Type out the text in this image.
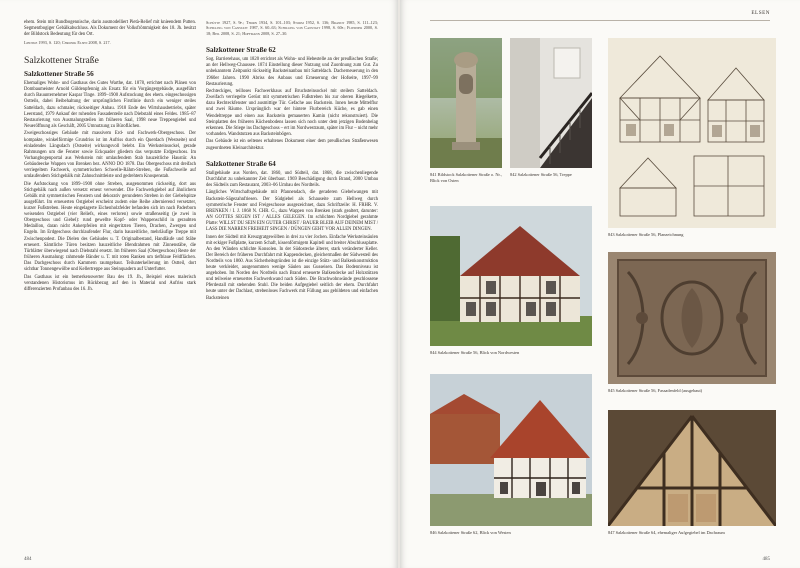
ehem. Stein mit Rundbogennische, darin ausmodelliert Pietà-Relief mit knieendem Putten. Segmentbogiger Gebälkabschluss. Als Dokument der Volksfrömmigkeit des 18. Jh. besitzt der Bildstock Bedeutung für den Ort.

Liedtke 1993, S. 120; Chronik Elsen 2008, S. 217.

Salzkottener Straße
Salzkottener Straße 56

Ehemaliges Wohn- und Gasthaus des Gutes Warthe, dat. 1878, errichtet nach Plänen von Dombaumeister Arnold Güldenpfennig als Ersatz für ein Vorgängergebäude, ausgeführt durch Bauunternehmer Kaspar Tinge. 1899–1900 Aufstockung des ehem. eingeschossigen Ostteils, dabei Beibehaltung der ursprünglichen Firstlinie durch ein weniger steiles Satteldach, dazu schmaler, rückseitiger Anbau. 1918 Ende des Wirtshausbetriebs, später Leerstand, 1979 Ankauf der ruhenden Fassadenteile nach Diebstahl eines Feldes. 1985–87 Restaurierung von Ausmalungsteilen im früheren Saal, 1998 neue Treppengiebel und Neueröffnung als Geschäft, 2005 Umnutzung zu Büroflächen.

Zweigeschossiges Gebäude mit massivem Erd- und Fachwerk-Obergeschoss. Der kompakte, winkelförmige Grundriss ist im Aufriss durch ein Querdach (Westseite) und einladendes Längsdach (Ostseite) wirkungsvoll belebt. Ein Werksteinsockel, gerade Rahmungen um die Fenster sowie Eckquader gliedern das verputzte Erdgeschoss. Im Vorhangbogenportal aus Werkstein mit umlaufendem Stab bauzeitliche Haustür. An Gebäudeecke Wappen von Brenken bez. ANNO DO 1878. Das Obergeschoss mit dreifach verriegeltem Fachwerk, symmetrischen Schwelle-Rähm-Streben, die Fußschwelle auf umlaufendem Stichgebälk mit Zahnschnittleiste und gedrehtem Knospenstab.

Die Aufstockung von 1899–1900 ohne Streben, ausgenommen rückseitig, dort aus Stichgebälk nach außen versetzt erneut verwendet. Die Fachwerkgiebel auf ähnlichem Gebälk mit symmetrischen Fenstern und dekorativ gerundeten Streben in der Giebelspitze ausgeführt. Im erneuerten Ostgiebel erscheint zudem eine Reihe alternierend versetzter, kurzer Fußstreben. Heute eingelagerte Eichenholzfelder befanden sich im nach Paderborn weisenden Ostgiebel (vier Reliefs, eines verloren) sowie straßenseitig (je zwei in Obergeschoss und Giebel): rund gewellte Kopf- oder Wappenschild in geraubten Medaillon, daran nicht Ankerpfeilen mit eingeritzten Tieren, Drachen, Zwergen und Engeln. Im Erdgeschoss durchlaufender Flur, darin bauzeitliche, mehrläufige Treppe mit Zwischenpodest. Die Dielen des Gebäudes u. T. Originalbestand, Handläufe und Stäbe erneuert. Sämtliche Türen besitzen bauzeitliche Blendrahmen mit Zinnenstäbe, die Türblätter überwiegend nach Diebstahl ersetzt. Im früheren Saal (Obergeschoss) Reste der früheren Ausmalung: rahmende Bänder u. T. mit roten Ranken um tiefblaue Feldflächen. Das Dachgeschoss durch Kammern raumgebaut. Teilunterkellerung im Ostteil, dort sichtbar Tonnengewölbe und Kellertreppe aus Steinquadern auf Unterfutter.

Das Gasthaus ist ein bemerkenswerter Bau des 19. Jh., Beispiel eines malerisch verstandenen Historismus im Rückbezug auf den in Material und Aufriss stark differenzierten Profanbau des 16. Jh.

Schütte 1927, S. 9f.; Thorn 1934, S. 101–103; Storm 1952, S. 136; Brandt 1985, S. 111–123; Schilling von Canstatt 1987, S. 60–63; Schilling von Canstatt 1998, S. 60f.; Fliedner 2000, S. 18; Beil 2008, S. 21; Hoffmann 2008, S. 27–30.

Salzkottener Straße 62

Sog. Barrierehaus, um 1820 errichtet als Wohn- und Hebestelle an der preußischen Straße; an der Hellweg-Chaussee. 1874 Einstellung dieser Nutzung und Zuordnung zum Gut. Zu unbekanntem Zeitpunkt rückseitig Backsteinanbau mit Satteldach. Dacherneuerung in den 1960er Jahren. 1990 Abriss des Anbaus und Erneuerung der Hofseite, 1997–99 Restaurierung.

Rechteckiges, teilloses Fachwerkhaus auf Bruchsteinsockel mit steilem Satteldach. Zweifach verriegelte Gerüst mit symmetrischen Fußstreben bis zur oberen Riegelkette, dazu Rechteckfenster und ausmittige Tür. Gefache aus Backstein. Innen heute Mittelflur und zwei Räume. Ursprünglich war der hintere Flurbereich Küche, es gab einen Wendeltreppe und einen aus Backstein gemauerten Kamin (nicht rekonstruiert). Die Steinplatten des früheren Küchenbodens lassen sich noch unter dem jetzigen Bodenbelag erkennen. Die Stiege ins Dachgeschoss – ert im Nordwestraum, später im Flur – nicht mehr vorhanden. Wandstutzen aus Backsteinbögen.

Das Gebäude ist ein seltenes erhaltenes Dokument einer dem preußischen Straßenwesen zugeordneten Kleinarchitektur.

Salzkottener Straße 64

Stallgebäude aus Norden, dat. 1860, und Südteil, dat. 1868, die zwischenliegende Durchfahrt zu unbekannter Zeit überbaut. 1969 Beschädigung durch Brand, 2000 Umbau des Südteils zum Restaurant, 2003–06 Umbau des Nordteils.

Längliches Wirtschaftsgebäude mit Pfannendach, die geraderen Giebelwangen mit Backstein-Sägezahnfriesen. Der Südgiebel als Schauseite zum Hellweg durch symmetrische Fenster und Freigeschosse ausgezeichnet, dazu Schriftzeile: H. FRHR. V. BRENKEN / I. J. 1868 N. CHR. G., dazu Wappen von Brenken (stark gealtert, darunter: AN GOTTES SEGEN IST / ALLES GELEGEN. Im schlichten Nordgiebel gerahmte Platte: WILLST DU SEIN EIN GUTER CHRIST / BAUER BLEIB AUF DEINEM MIST / LASS DIE NARREN FREIHEIT SINGEN / DÜNGEN GEHT VOR ALLEN DINGEN.

Innen der Südteil mit Kreuzgratgewölben in drei zu vier Jochen. Einfache Werksteinsäulen mit eckiger Fußplatte, kurzem Schaft, kissenförmigem Kapitell und breiter Abschlussplatte. An den Wänden schlichte Konsolen. In der Südostecke älterer, stark veränderter Keller. Der Bereich der früheren Durchfahrt mit Kappendecken, gleichermaßen der Südwesteil des Nordteils von 1860. Aus Sicherheitsgründen ist die einzige Stütz- und Balkenkonstruktion heute verkleidet, ausgenommen wenige Säulen aus Gusseisen. Das Bodenniveau ist angehoben. Im Norden des Nordteils nach Brand erneuerte Balkendecke auf Holzstützen und teilweise erneuertes Fachwerkwand nach Süden. Die Brachwohnwände geschlossene Pferdestall mit stehenden Stuhl. Die beiden Aufgegiebel seitlich der ehem. Durchfahrt heute unter der Dachlast, strebenloses Fachwerk mit Füllung aus gebildeten und einfachen Backsteinen

484
ELSEN
841 Bildstock Salzkottener Straße o. Nr., Blick von Osten
842 Salzkottener Straße 56, Treppe
843 Salzkottener Straße 56, Planzeichnung
844 Salzkottener Straße 56, Blick von Nordwesten
845 Salzkottener Straße 56, Fassadenfeld (ausgebaut)
846 Salzkottener Straße 62, Blick von Westen	847 Salzkottener Straße 64, ehemaliger Aufgegiebel im Dachraum
485
